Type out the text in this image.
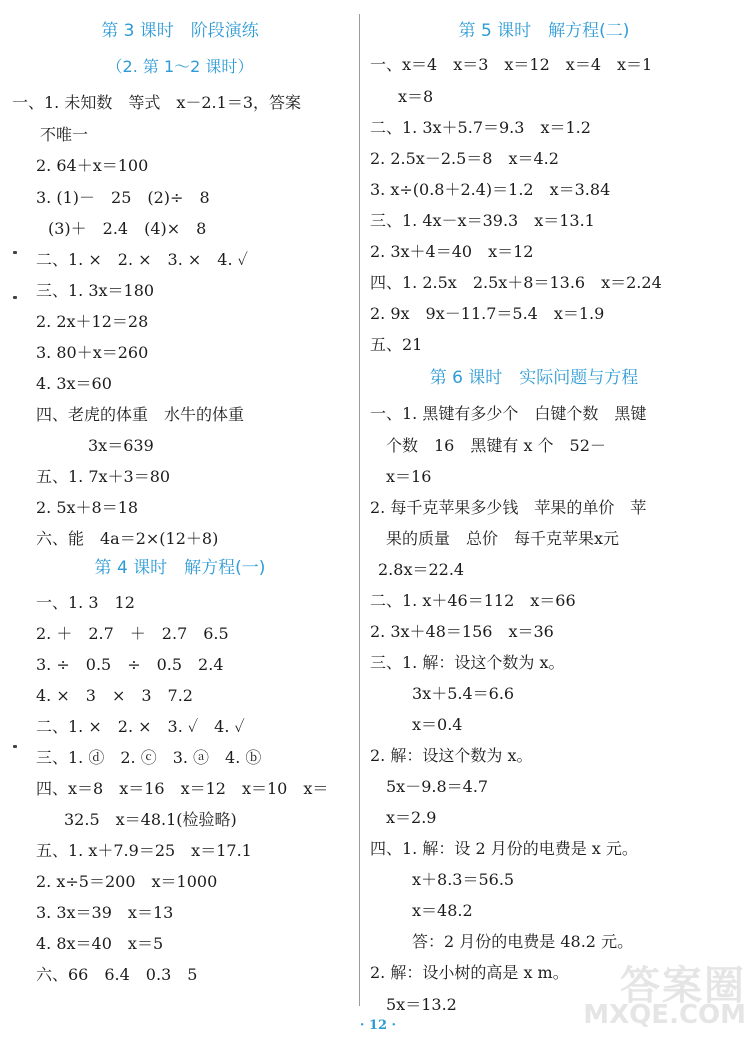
第 3 课时　阶段演练
（2. 第 1～2 课时）
一、1. 未知数　等式　x－2.1＝3，答案
不唯一
2. 64＋x＝100
3. (1)－　25　(2)÷　8
(3)＋　2.4　(4)×　8
二、1. ×　2. ×　3. ×　4. ✓
三、1. 3x＝180
2. 2x＋12＝28
3. 80＋x＝260
4. 3x＝60
四、老虎的体重　水牛的体重
3x＝639
五、1. 7x＋3＝80
2. 5x＋8＝18
六、能　4a＝2×(12＋8)
第 4 课时　解方程(一)
一、1. 3　12
2. ＋　2.7　＋　2.7　6.5
3. ÷　0.5　÷　0.5　2.4
4. ×　3　×　3　7.2
二、1. ×　2. ×　3. ✓　4. ✓
三、1. ⓓ　2. ⓒ　3. ⓐ　4. ⓑ
四、x＝8　x＝16　x＝12　x＝10　x＝
32.5　x＝48.1(检验略)
五、1. x＋7.9＝25　x＝17.1
2. x÷5＝200　x＝1000
3. 3x＝39　x＝13
4. 8x＝40　x＝5
六、66　6.4　0.3　5
第 5 课时　解方程(二)
一、x＝4　x＝3　x＝12　x＝4　x＝1
x＝8
二、1. 3x＋5.7＝9.3　x＝1.2
2. 2.5x－2.5＝8　x＝4.2
3. x÷(0.8＋2.4)＝1.2　x＝3.84
三、1. 4x－x＝39.3　x＝13.1
2. 3x＋4＝40　x＝12
四、1. 2.5x　2.5x＋8＝13.6　x＝2.24
2. 9x　9x－11.7＝5.4　x＝1.9
五、21
第 6 课时　实际问题与方程
一、1. 黑键有多少个　白键个数　黑键
个数　16　黑键有 x 个　52－
x＝16
2. 每千克苹果多少钱　苹果的单价　苹
果的质量　总价　每千克苹果x元
2.8x＝22.4
二、1. x＋46＝112　x＝66
2. 3x＋48＝156　x＝36
三、1. 解：设这个数为 x。
3x＋5.4＝6.6
x＝0.4
2. 解：设这个数为 x。
5x－9.8＝4.7
x＝2.9
四、1. 解：设 2 月份的电费是 x 元。
x＋8.3＝56.5
x＝48.2
答：2 月份的电费是 48.2 元。
2. 解：设小树的高是 x m。
5x＝13.2
· 12 ·
答案圈
MXQE.COM
